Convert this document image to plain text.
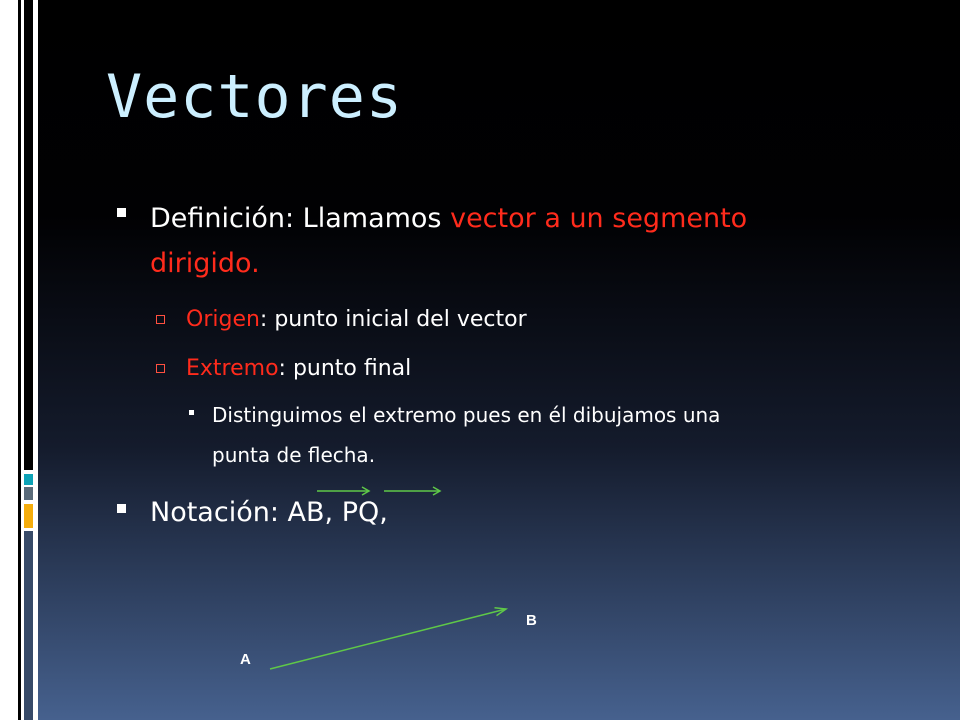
Vectores
Definición: Llamamos vector a un segmento
dirigido.
Origen: punto inicial del vector
Extremo: punto final
Distinguimos el extremo pues en él dibujamos una
punta de flecha.
Notación: AB, PQ,
A
B
